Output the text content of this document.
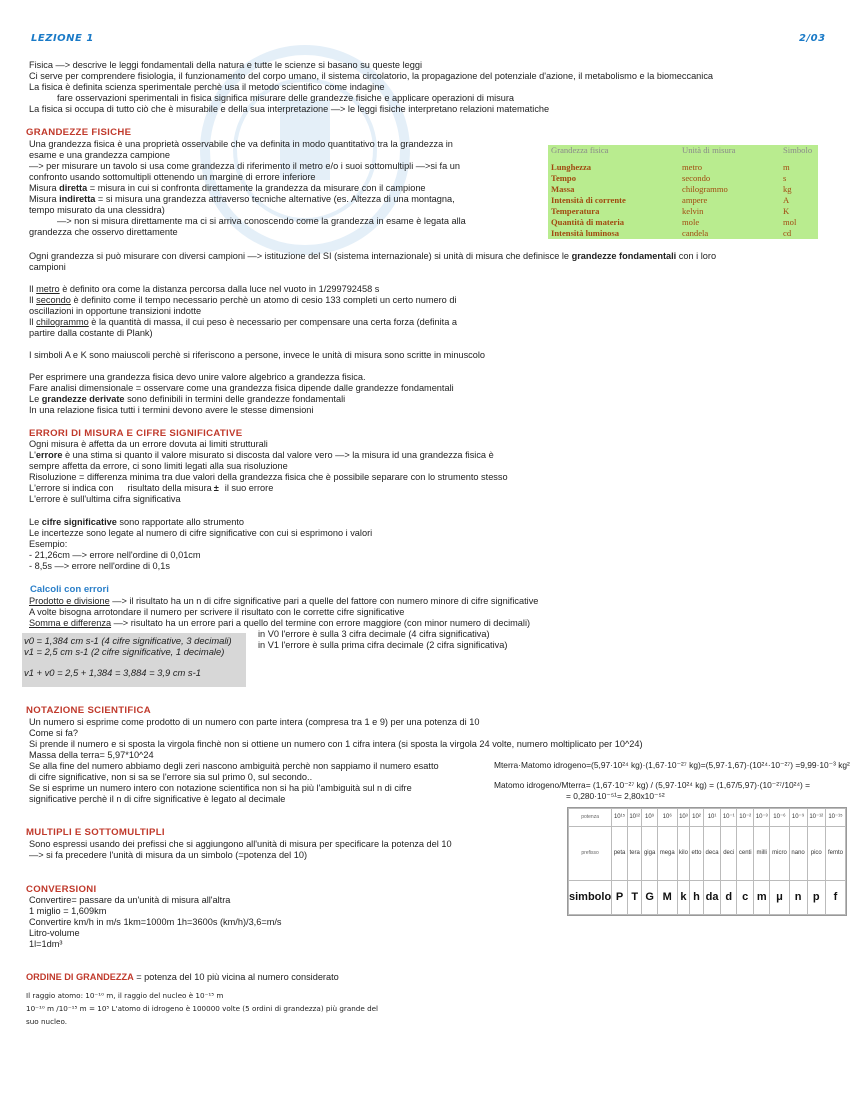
LEZIONE 1	2/03
Fisica —> descrive le leggi fondamentali della natura e tutte le scienze si basano su queste leggi
Ci serve per comprendere fisiologia, il funzionamento del corpo umano, il sistema circolatorio, la propagazione del potenziale d'azione, il metabolismo e la biomeccanica
La fisica è definita scienza sperimentale perchè usa il metodo scientifico come indagine
fare osservazioni sperimentali in fisica significa misurare delle grandezze fisiche e applicare operazioni di misura
La fisica si occupa di tutto ciò che è misurabile e della sua interpretazione —> le leggi fisiche interpretano relazioni matematiche
GRANDEZZE FISICHE
Una grandezza fisica è una proprietà osservabile che va definita in modo quantitativo tra la grandezza in
esame e una grandezza campione
—> per misurare un tavolo si usa come grandezza di riferimento il metro e/o i suoi sottomultipli —>si fa un
confronto usando sottomultipli ottenendo un margine di errore inferiore
Misura diretta = misura in cui si confronta direttamente la grandezza da misurare con il campione
Misura indiretta = si misura una grandezza attraverso tecniche alternative (es. Altezza di una montagna,
tempo misurato da una clessidra)
—> non si misura direttamente ma ci si arriva conoscendo come la grandezza in esame è legata alla
grandezza che osservo direttamente
Grandezza fisica	Unità di misura	Simbolo

Lunghezza	metro	m
Tempo	secondo	s
Massa	chilogrammo	kg
Intensità di corrente	ampere	A
Temperatura	kelvin	K
Quantità di materia	mole	mol
Intensità luminosa	candela	cd
Ogni grandezza si può misurare con diversi campioni —> istituzione del SI (sistema internazionale) si unità di misura che definisce le grandezze fondamentali con i loro
campioni
Il metro è definito ora come la distanza percorsa dalla luce nel vuoto in 1/299792458 s
Il secondo è definito come il tempo necessario perchè un atomo di cesio 133 completi un certo numero di
oscillazioni in opportune transizioni indotte
Il chilogrammo è la quantità di massa, il cui peso è necessario per compensare una certa forza (definita a
partire dalla costante di Plank)
I simboli A e K sono maiuscoli perchè si riferiscono a persone, invece le unità di misura sono scritte in minuscolo
Per esprimere una grandezza fisica devo unire valore algebrico a grandezza fisica.
Fare analisi dimensionale = osservare come una grandezza fisica dipende dalle grandezze fondamentali
Le grandezze derivate sono definibili in termini delle grandezze fondamentali
In una relazione fisica tutti i termini devono avere le stesse dimensioni
ERRORI DI MISURA E CIFRE SIGNIFICATIVE
Ogni misura è affetta da un errore dovuta ai limiti strutturali
L'errore è una stima si quanto il valore misurato si discosta dal valore vero —> la misura id una grandezza fisica è
sempre affetta da errore, ci sono limiti legati alla sua risoluzione
Risoluzione = differenza minima tra due valori della grandezza fisica che è possibile separare con lo strumento stesso
L'errore si indica con risultato della misura ± il suo errore
L'errore è sull'ultima cifra significativa
Le cifre significative sono rapportate allo strumento
Le incertezze sono legate al numero di cifre significative con cui si esprimono i valori
Esempio:
- 21,26cm —> errore nell'ordine di 0,01cm
- 8,5s —> errore nell'ordine di 0,1s
Calcoli con errori
Prodotto e divisione —> il risultato ha un n di cifre significative pari a quelle del fattore con numero minore di cifre significative
A volte bisogna arrotondare il numero per scrivere il risultato con le corrette cifre significative
Somma e differenza —> risultato ha un errore pari a quello del termine con errore maggiore (con minor numero di decimali)
v0 = 1,384 cm s-1 (4 cifre significative, 3 decimali)
v1 = 2,5 cm s-1 (2 cifre significative, 1 decimale)
v1 + v0 = 2,5 + 1,384 = 3,884 = 3,9 cm s-1
in V0 l'errore è sulla 3 cifra decimale (4 cifra significativa)
in V1 l'errore è sulla prima cifra decimale (2 cifra significativa)
NOTAZIONE SCIENTIFICA
Un numero si esprime come prodotto di un numero con parte intera (compresa tra 1 e 9) per una potenza di 10
Come si fa?
Si prende il numero e si sposta la virgola finchè non si ottiene un numero con 1 cifra intera (si sposta la virgola 24 volte, numero moltiplicato per 10^24)
Massa della terra= 5,97*10^24
Se alla fine del numero abbiamo degli zeri nascono ambiguità perchè non sappiamo il numero esatto
di cifre significative, non si sa se l'errore sia sul primo 0, sul secondo..
Se si esprime un numero intero con notazione scientifica non si ha più l'ambiguità sul n di cifre
significative perchè il n di cifre significative è legato al decimale
Mterra·Matomo idrogeno=(5,97·10²⁴ kg)·(1,67·10⁻²⁷ kg)=(5,97·1,67)·(10²⁴·10⁻²⁷) =9,99·10⁻³ kg²
Matomo idrogeno/Mterra= (1,67·10⁻²⁷ kg) / (5,97·10²⁴ kg) = (1,67/5,97)·(10⁻²⁷/10²⁴) =
= 0,280·10⁻⁵¹= 2,80x10⁻⁵²
MULTIPLI E SOTTOMULTIPLI
Sono espressi usando dei prefissi che si aggiungono all'unità di misura per specificare la potenza del 10
—> si fa precedere l'unità di misura da un simbolo (=potenza del 10)
potenza	10¹⁵	10¹²	10⁹	10⁶	10³	10²	10¹	10⁻¹	10⁻²	10⁻³	10⁻⁶	10⁻⁹	10⁻¹²	10⁻¹⁵
prefisso	peta	tera	giga	mega	kilo	etto	deca	deci	centi	milli	micro	nano	pico	femto
simbolo	P	T	G	M	k	h	da	d	c	m	μ	n	p	f
CONVERSIONI
Convertire= passare da un'unità di misura all'altra
1 miglio = 1,609km
Convertire km/h in m/s 1km=1000m 1h=3600s (km/h)/3,6=m/s
Litro-volume
1l=1dm³
ORDINE DI GRANDEZZA = potenza del 10 più vicina al numero considerato
Il raggio atomo: 10⁻¹⁰ m, il raggio del nucleo è 10⁻¹⁵ m
10⁻¹⁰ m /10⁻¹⁵ m = 10⁵ L'atomo di idrogeno è 100000 volte (5 ordini di grandezza) più grande del
suo nucleo.
